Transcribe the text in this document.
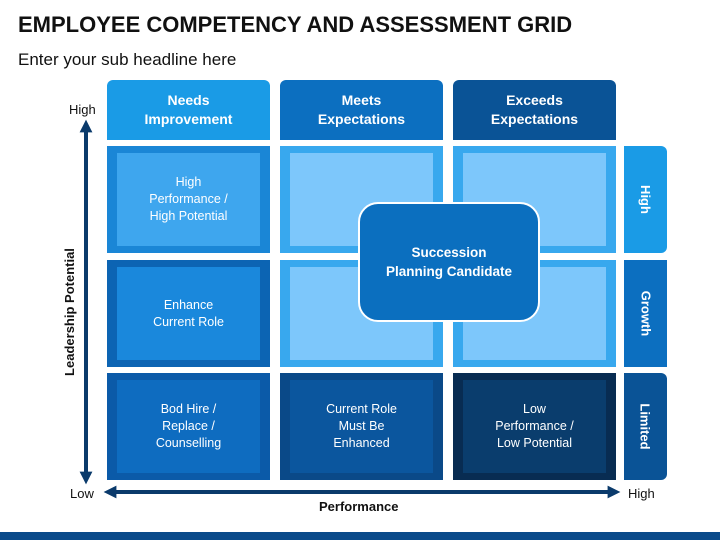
EMPLOYEE COMPETENCY AND ASSESSMENT GRID
Enter your sub headline here
Needs
Improvement
Meets
Expectations
Exceeds
Expectations
High
Performance /
High Potential
Enhance
Current Role
Bod Hire /
Replace /
Counselling
Current Role
Must Be
Enhanced
Low
Performance /
Low Potential
High
Growth
Limited
Succession
Planning Candidate
High
Low	High
Performance
Leadership Potential
